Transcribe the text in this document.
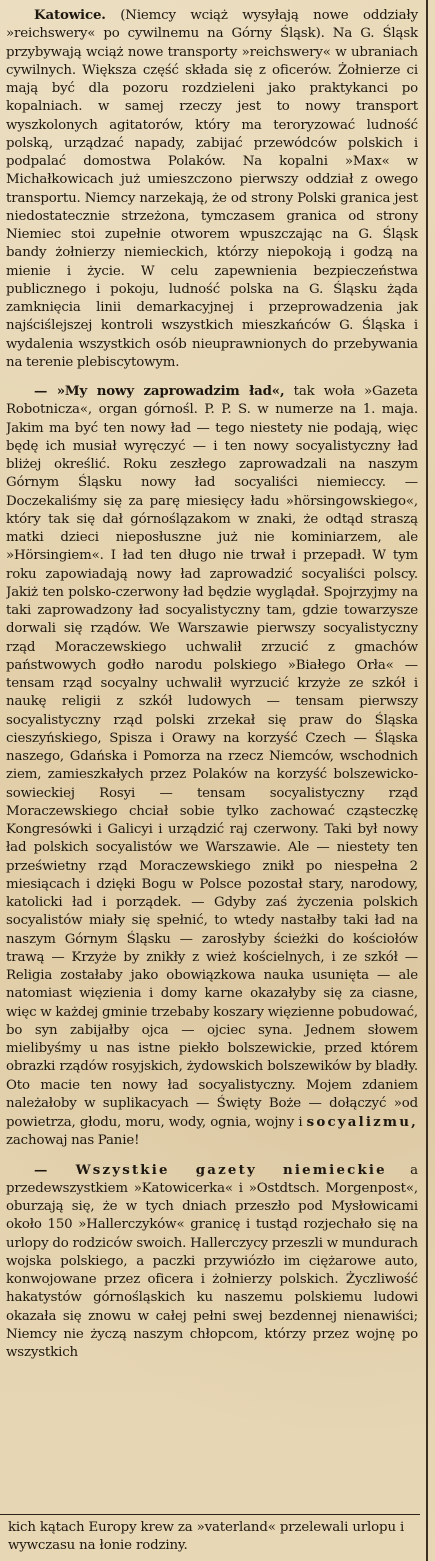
Katowice. (Niemcy wciąż wysyłają nowe oddziały »reichswery« po cywilnemu na Górny Śląsk). Na G. Śląsk przybywają wciąż nowe transporty »reichswery« w ubraniach cywilnych. Większa część składa się z oficerów. Żołnierze ci mają być dla pozoru rozdzieleni jako praktykanci po kopalniach. w samej rzeczy jest to nowy transport wyszkolonych agitatorów, który ma teroryzować ludność polską, urządzać napady, zabijać przewódców polskich i podpalać domostwa Polaków. Na kopalni »Max« w Michałkowicach już umieszczono pierwszy oddział z owego transportu. Niemcy narzekają, że od strony Polski granica jest niedostatecznie strzeżona, tymczasem granica od strony Niemiec stoi zupełnie otworem wpuszczając na G. Śląsk bandy żołnierzy niemieckich, którzy niepokoją i godzą na mienie i życie. W celu zapewnienia bezpieczeństwa publicznego i pokoju, ludność polska na G. Śląsku żąda zamknięcia linii demarkacyjnej i przeprowadzenia jak najściślejszej kontroli wszystkich mieszkańców G. Śląska i wydalenia wszystkich osób nieuprawnionych do przebywania na terenie plebiscytowym.

— »My nowy zaprowadzim ład«, tak woła »Gazeta Robotnicza«, organ górnośl. P. P. S. w numerze na 1. maja. Jakim ma być ten nowy ład — tego niestety nie podają, więc będę ich musiał wyręczyć — i ten nowy socyalistyczny ład bliżej określić. Roku zeszłego zaprowadzali na naszym Górnym Śląsku nowy ład socyaliści niemieccy. — Doczekaliśmy się za parę miesięcy ładu »hörsingowskiego«, który tak się dał górnoślązakom w znaki, że odtąd straszą matki dzieci nieposłuszne już nie kominiarzem, ale »Hörsingiem«. I ład ten długo nie trwał i przepadł. W tym roku zapowiadają nowy ład zaprowadzić socyaliści polscy. Jakiż ten polsko-czerwony ład będzie wyglądał. Spojrzyjmy na taki zaprowadzony ład socyalistyczny tam, gdzie towarzysze dorwali się rządów. We Warszawie pierwszy socyalistyczny rząd Moraczewskiego uchwalił zrzucić z gmachów państwowych godło narodu polskiego »Białego Orła« — tensam rząd socyalny uchwalił wyrzucić krzyże ze szkół i naukę religii z szkół ludowych — tensam pierwszy socyalistyczny rząd polski zrzekał się praw do Śląska cieszyńskiego, Spisza i Orawy na korzyść Czech — Śląska naszego, Gdańska i Pomorza na rzecz Niemców, wschodnich ziem, zamieszkałych przez Polaków na korzyść bolszewicko-sowieckiej Rosyi — tensam socyalistyczny rząd Moraczewskiego chciał sobie tylko zachować cząsteczkę Kongresówki i Galicyi i urządzić raj czerwony. Taki był nowy ład polskich socyalistów we Warszawie. Ale — niestety ten prześwietny rząd Moraczewskiego znikł po niespełna 2 miesiącach i dzięki Bogu w Polsce pozostał stary, narodowy, katolicki ład i porządek. — Gdyby zaś życzenia polskich socyalistów miały się spełnić, to wtedy nastałby taki ład na naszym Górnym Śląsku — zarosłyby ścieżki do kościołów trawą — Krzyże by znikły z wież kościelnych, i ze szkół — Religia zostałaby jako obowiązkowa nauka usunięta — ale natomiast więzienia i domy karne okazałyby się za ciasne, więc w każdej gminie trzebaby koszary więzienne pobudować, bo syn zabijałby ojca — ojciec syna. Jednem słowem mielibyśmy u nas istne piekło bolszewickie, przed którem obrazki rządów rosyjskich, żydowskich bolszewików by bladły. Oto macie ten nowy ład socyalistyczny. Mojem zdaniem należałoby w suplikacyach — Święty Boże — dołączyć »od powietrza, głodu, moru, wody, ognia, wojny i socyalizmu, zachowaj nas Panie!

— Wszystkie gazety niemieckie a przedewszystkiem »Katowicerka« i »Ostdtsch. Morgenpost«, oburzają się, że w tych dniach przeszło pod Mysłowicami około 150 »Hallerczyków« granicę i tustąd rozjechało się na urlopy do rodziców swoich. Hallerczycy przeszli w mundurach wojska polskiego, a paczki przywiózło im ciężarowe auto, konwojowane przez oficera i żołnierzy polskich. Życzliwość hakatystów górnośląskich ku naszemu polskiemu ludowi okazała się znowu w całej pełni swej bezdennej nienawiści; Niemcy nie życzą naszym chłopcom, którzy przez wojnę po wszystkich

kich kątach Europy krew za »vaterland« przelewali urlopu i wywczasu na łonie rodziny.
